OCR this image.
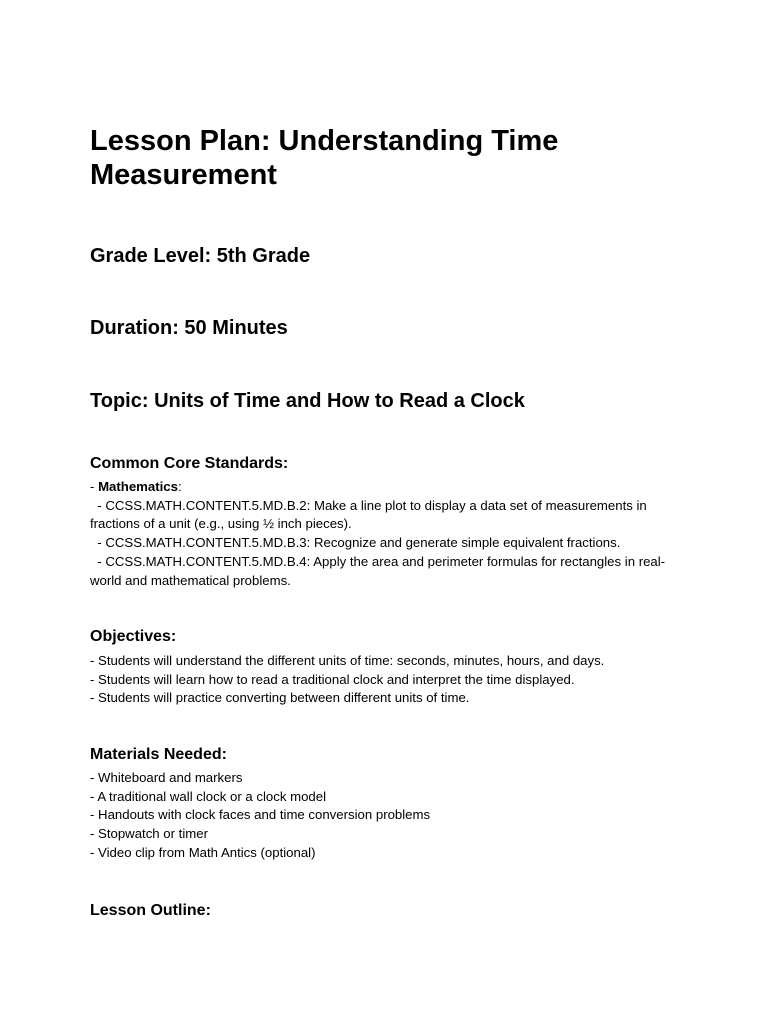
Lesson Plan: Understanding Time Measurement
Grade Level: 5th Grade
Duration: 50 Minutes
Topic: Units of Time and How to Read a Clock
Common Core Standards:
- Mathematics:
- CCSS.MATH.CONTENT.5.MD.B.2: Make a line plot to display a data set of measurements in fractions of a unit (e.g., using ½ inch pieces).
- CCSS.MATH.CONTENT.5.MD.B.3: Recognize and generate simple equivalent fractions.
- CCSS.MATH.CONTENT.5.MD.B.4: Apply the area and perimeter formulas for rectangles in real-world and mathematical problems.
Objectives:
- Students will understand the different units of time: seconds, minutes, hours, and days.
- Students will learn how to read a traditional clock and interpret the time displayed.
- Students will practice converting between different units of time.
Materials Needed:
- Whiteboard and markers
- A traditional wall clock or a clock model
- Handouts with clock faces and time conversion problems
- Stopwatch or timer
- Video clip from Math Antics (optional)
Lesson Outline:
